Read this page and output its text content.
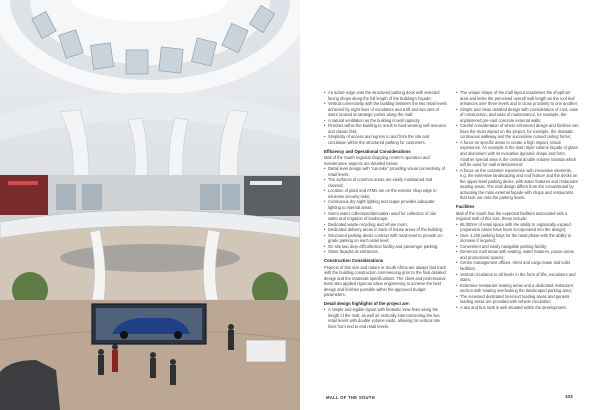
• An active edge onto the structured parking deck with selected facing shops along the full length of the building's façade;
• Vertical connectivity with the building between the two retail levels achieved by eight lines of escalators and a lift and two sets of stairs located at strategic points along the mall;
• A natural ventilation as the building is well capacity
• Finishes within the building to result in hard wearing self-resource and classic feel;
• Simplicity of access and egress to and from the site and circulation within the structured parking for customers.
Efficiency and Operational Considerations

Mall of the South regional shopping centre's operation and maintenance aspects are detailed below:

• Detail level design with "cat-rake" providing visual connectivity of retail levels;
• The surfaces of common areas are easily maintained and cleaned;
• Location of plant and ATMs are on the exterior shop edge to minimise security risks;
• Continuous dry night lighting and scape provides adequate lighting to internal areas;
• Storm water collection/attenuation used for collection of rain water and irrigation of landscape;
• Dedicated waste recycling and refuse room;
• Dedicated delivery areas in back of house areas of the building;
• Structured parking decks contract with retail level to provide on-grade parking on each retail level;
• On site taxi drop-off/collection facility and passenger parking;
• Glass façades at entrances.
Construction Considerations

Projects of this size and nature in South Africa are always fast track with the building construction commencing prior to the final detailed design and the materials specifications. The client and professional team also applied rigorous value engineering to achieve the best design and finishes possible within the approved budget parameters.

Detail design highlights of the project are:
• A simple and legible layout with fantastic view lines along the length of the mall, as well as vertically interconnecting the two retail levels with double volume voids, allowing for vertical site lines from end to end retail levels.
• The unique shape of the mall layout maximises the shopfront area and limits the perceived overall mall length as the roof leaf enhances over three levels and in close proximity to one another;
• Simple and clean detailed design with consideration of cost, ease of construction, and ease of maintenance, for example, the unplastered pre-cast concrete external walls;
• Careful consideration of where enhanced design and finishes can have the most impact on the project, for example, the dramatic continuous walkway and the successive curved ceiling forms;
• A focus on specific areas to create a high impact, visual experience. An example is the main triple volume façade of glass and aluminium with its evocative dynamic shape and form. Another special area is the central double volume rotunda which will be used for mall entertainment;
• A focus on the customer experience with innovative elements, e.g. the extensive landscaping and roof feature and the decks on the upper-level parking decks, with water features and restaurant seating areas. The mall design differs from the conventional by activating the main external façade with shops and restaurants that look out onto the parking levels.
Facilities

Mall of the South has the expected facilities associated with a regional mall of this size, these include:

• 65,000m² of retail space with the ability to organically expand (expansion cases have been incorporated into the design);
• Over 4,200 parking bays for the retail phase with the ability to increase if required;
• Convenient and easily navigable parking facility;
• Generous mall areas with seating, water features, pause areas and promotional spaces;
• Centre management offices, client and cargo lease and toilet facilities;
• Vertical circulation to all levels in the form of lifts, escalators and stairs;
• Extensive restaurant seating areas and a dedicated restaurant section with seating overlooking the landscaped parking area;
• The recessed dedicated forecourt loading areas and general loading areas are provided with vehicle circulation;
• A taxi and bus rank is well situated within the development.
MALL OF THE SOUTH	103
